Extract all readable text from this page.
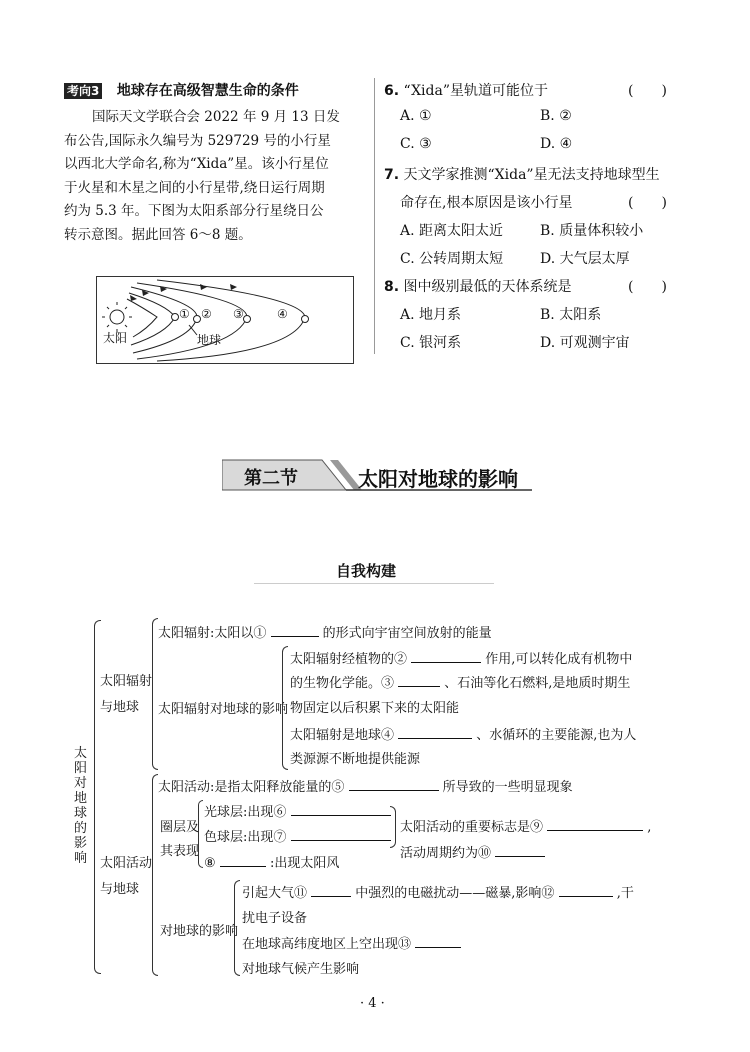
考向3 地球存在高级智慧生命的条件

国际天文学联合会 2022 年 9 月 13 日发

布公告,国际永久编号为 529729 号的小行星

以西北大学命名,称为“Xida”星。该小行星位

于火星和木星之间的小行星带,绕日运行周期

约为 5.3 年。下图为太阳系部分行星绕日公

转示意图。据此回答 6～8 题。

太阳	地球
① ② ③	④
6. “Xida”星轨道可能位于	(　　)
A. ①	B. ②
C. ③	D. ④
7. 天文学家推测“Xida”星无法支持地球型生
命存在,根本原因是该小行星	(　　)
A. 距离太阳太近	B. 质量体积较小
C. 公转周期太短	D. 大气层太厚
8. 图中级别最低的天体系统是	(　　)
A. 地月系	B. 太阳系
C. 银河系	D. 可观测宇宙
第二节	太阳对地球的影响
自我构建
太阳对地球的影响
太阳辐射
与地球
太阳辐射:太阳以①	的形式向宇宙空间放射的能量
太阳辐射对地球的影响
太阳辐射经植物的②	作用,可以转化成有机物中
的生物化学能。③	、石油等化石燃料,是地质时期生
物固定以后积累下来的太阳能
太阳辐射是地球④	、水循环的主要能源,也为人
类源源不断地提供能源
太阳活动
与地球
太阳活动:是指太阳释放能量的⑤	所导致的一些明显现象
圈层及
其表现
光球层:出现⑥
色球层:出现⑦
⑧	:出现太阳风
太阳活动的重要标志是⑨	,
活动周期约为⑩
对地球的影响
引起大气⑪	中强烈的电磁扰动——磁暴,影响⑫	,干
扰电子设备
在地球高纬度地区上空出现⑬
对地球气候产生影响
· 4 ·
